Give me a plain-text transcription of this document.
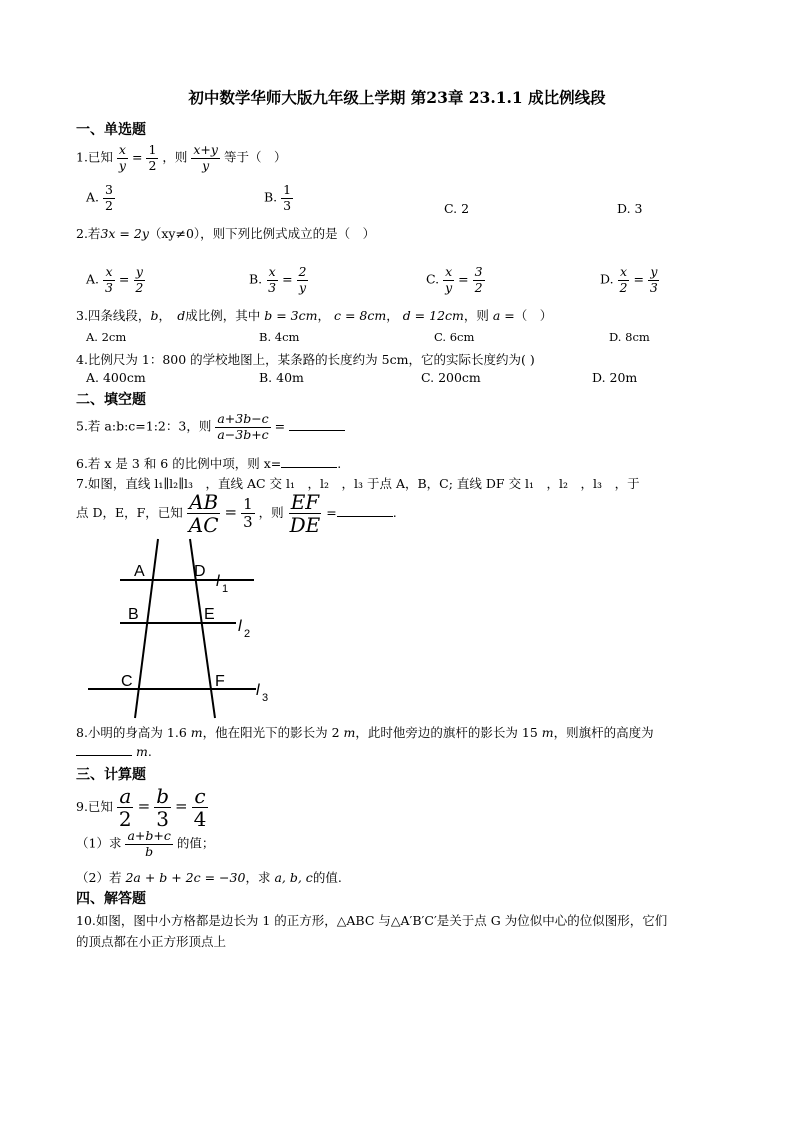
初中数学华师大版九年级上学期 第23章 23.1.1 成比例线段
一、单选题
1.已知 $\frac{x}{y} = \frac{1}{2}$ ，则 $\frac{x+y}{y}$ 等于（　）
A. $\frac{3}{2}$	B. $\frac{1}{3}$	C. 2	D. 3
2.若3x = 2y（xy≠0），则下列比例式成立的是（　）
A. $\frac{x}{3} = \frac{y}{2}$	B. $\frac{x}{3} = \frac{2}{y}$	C. $\frac{x}{y} = \frac{3}{2}$	D. $\frac{x}{2} = \frac{y}{3}$
3.四条线段，b，　 d成比例，其中 b = 3cm， c = 8cm， d = 12cm，则 a =（　）
A. 2cm	B. 4cm	C. 6cm	D. 8cm
4.比例尺为 1：800 的学校地图上，某条路的长度约为 5cm，它的实际长度约为( )
A. 400cm	B. 40m	C. 200cm	D. 20m
二、填空题
5.若 a:b:c=1:2：3，则 $\frac{a+3b-c}{a-3b+c}$ =
6.若 x 是 3 和 6 的比例中项，则 x=	.
7.如图，直线 l₁∥l₂∥l₃　，直线 AC 交 l₁　，l₂　，l₃ 于点 A，B，C; 直线 DF 交 l₁　，l₂　，l₃　，于
点 D，E，F，已知 $\frac{AB}{AC} = \frac{1}{3}$ ，则 $\frac{EF}{DE}$ =	.
A	D
l 1
B	E
l 2
C	F
l 3
8.小明的身高为 1.6 m，他在阳光下的影长为 2 m，此时他旁边的旗杆的影长为 15 m，则旗杆的高度为
m.
三、计算题
9.已知 $\frac{a}{2} = \frac{b}{3} = \frac{c}{4}$
（1）求 $\frac{a+b+c}{b}$ 的值；
（2）若 2a + b + 2c = −30，求 a, b, c的值.
四、解答题
10.如图，图中小方格都是边长为 1 的正方形，△ABC 与△A′B′C′是关于点 G 为位似中心的位似图形，它们
的顶点都在小正方形顶点上
